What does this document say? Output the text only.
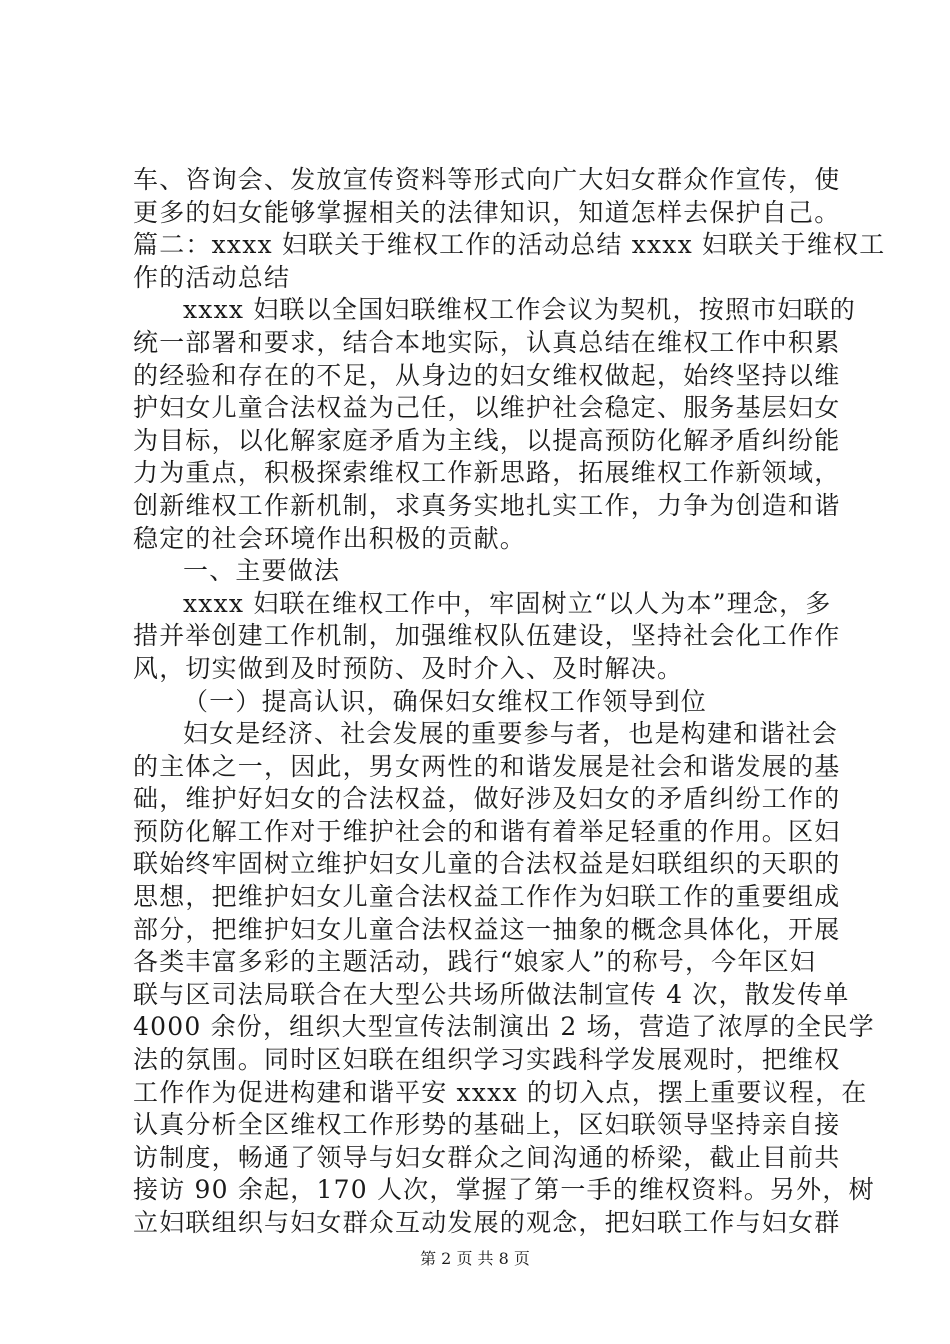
车、咨询会、发放宣传资料等形式向广大妇女群众作宣传，使
更多的妇女能够掌握相关的法律知识，知道怎样去保护自己。
篇二：xxxx 妇联关于维权工作的活动总结 xxxx 妇联关于维权工
作的活动总结
xxxx 妇联以全国妇联维权工作会议为契机，按照市妇联的
统一部署和要求，结合本地实际，认真总结在维权工作中积累
的经验和存在的不足，从身边的妇女维权做起，始终坚持以维
护妇女儿童合法权益为己任，以维护社会稳定、服务基层妇女
为目标，以化解家庭矛盾为主线，以提高预防化解矛盾纠纷能
力为重点，积极探索维权工作新思路，拓展维权工作新领域，
创新维权工作新机制，求真务实地扎实工作，力争为创造和谐
稳定的社会环境作出积极的贡献。
一、主要做法
xxxx 妇联在维权工作中，牢固树立“以人为本”理念，多
措并举创建工作机制，加强维权队伍建设，坚持社会化工作作
风，切实做到及时预防、及时介入、及时解决。
（一）提高认识，确保妇女维权工作领导到位
妇女是经济、社会发展的重要参与者，也是构建和谐社会
的主体之一，因此，男女两性的和谐发展是社会和谐发展的基
础，维护好妇女的合法权益，做好涉及妇女的矛盾纠纷工作的
预防化解工作对于维护社会的和谐有着举足轻重的作用。区妇
联始终牢固树立维护妇女儿童的合法权益是妇联组织的天职的
思想，把维护妇女儿童合法权益工作作为妇联工作的重要组成
部分，把维护妇女儿童合法权益这一抽象的概念具体化，开展
各类丰富多彩的主题活动，践行“娘家人”的称号，今年区妇
联与区司法局联合在大型公共场所做法制宣传 4 次，散发传单
4000 余份，组织大型宣传法制演出 2 场，营造了浓厚的全民学
法的氛围。同时区妇联在组织学习实践科学发展观时，把维权
工作作为促进构建和谐平安 xxxx 的切入点，摆上重要议程，在
认真分析全区维权工作形势的基础上，区妇联领导坚持亲自接
访制度，畅通了领导与妇女群众之间沟通的桥梁，截止目前共
接访 90 余起，170 人次，掌握了第一手的维权资料。另外，树
立妇联组织与妇女群众互动发展的观念，把妇联工作与妇女群
第 2 页 共 8 页
